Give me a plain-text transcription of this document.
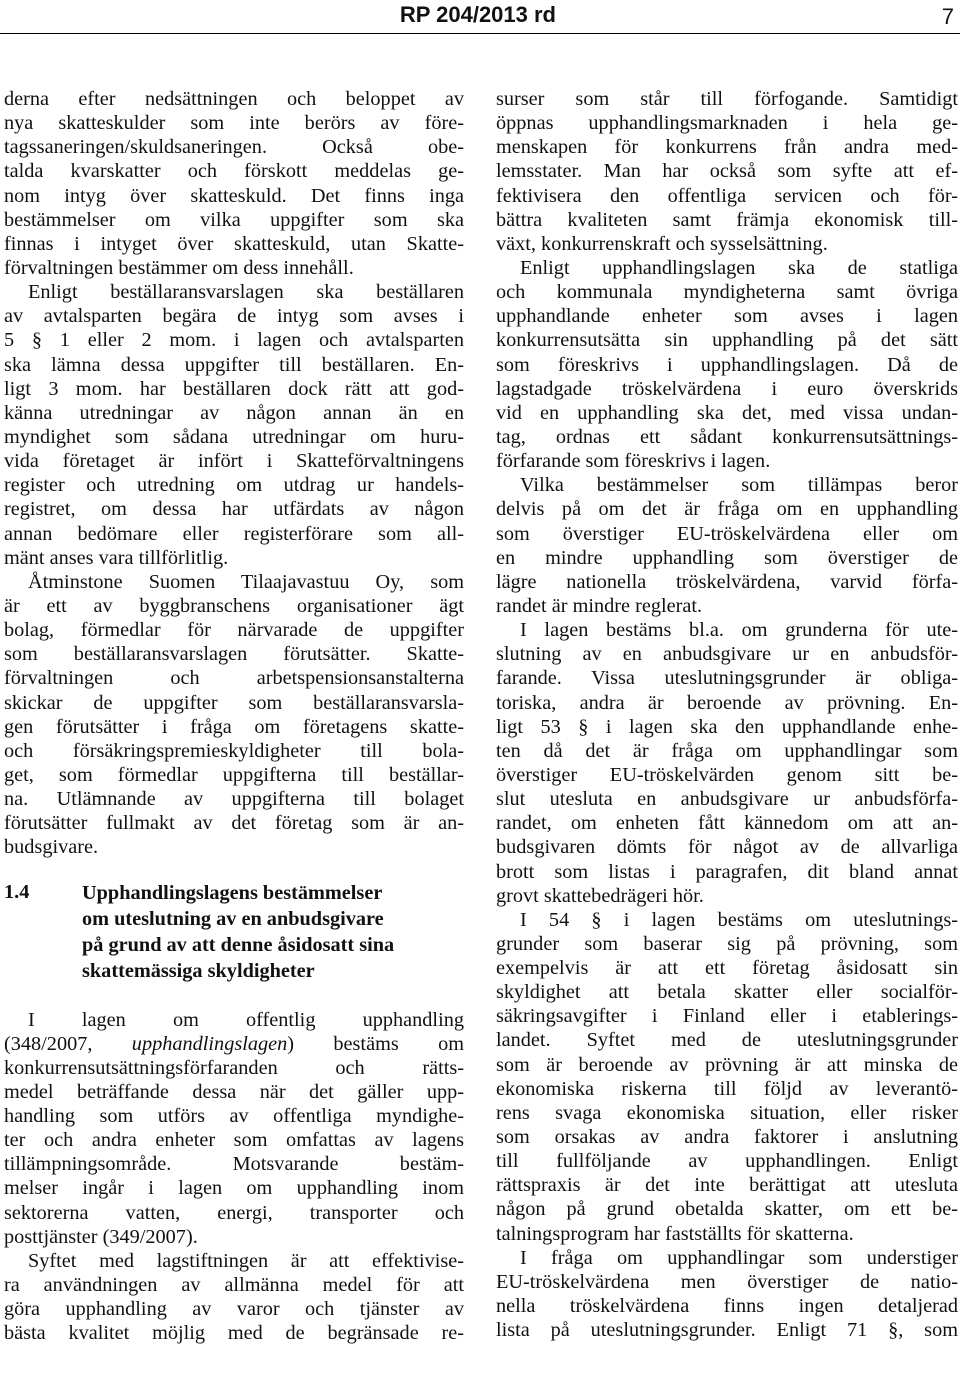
RP 204/2013 rd	7
derna efter nedsättningen och beloppet av
nya skatteskulder som inte berörs av före-
tagssaneringen/skuldsaneringen. Också obe-
talda kvarskatter och förskott meddelas ge-
nom intyg över skatteskuld. Det finns inga
bestämmelser om vilka uppgifter som ska
finnas i intyget över skatteskuld, utan Skatte-
förvaltningen bestämmer om dess innehåll.
Enligt beställaransvarslagen ska beställaren
av avtalsparten begära de intyg som avses i
5 § 1 eller 2 mom. i lagen och avtalsparten
ska lämna dessa uppgifter till beställaren. En-
ligt 3 mom. har beställaren dock rätt att god-
känna utredningar av någon annan än en
myndighet som sådana utredningar om huru-
vida företaget är infört i Skatteförvaltningens
register och utredning om utdrag ur handels-
registret, om dessa har utfärdats av någon
annan bedömare eller registerförare som all-
mänt anses vara tillförlitlig.
Åtminstone Suomen Tilaajavastuu Oy, som
är ett av byggbranschens organisationer ägt
bolag, förmedlar för närvarade de uppgifter
som beställaransvarslagen förutsätter. Skatte-
förvaltningen och arbetspensionsanstalterna
skickar de uppgifter som beställaransvarsla-
gen förutsätter i fråga om företagens skatte-
och försäkringspremieskyldigheter till bola-
get, som förmedlar uppgifterna till beställar-
na. Utlämnande av uppgifterna till bolaget
förutsätter fullmakt av det företag som är an-
budsgivare.
1.4	Upphandlingslagens bestämmelser
om uteslutning av en anbudsgivare
på grund av att denne åsidosatt sina
skattemässiga skyldigheter
I lagen om offentlig upphandling
(348/2007, upphandlingslagen) bestäms om
konkurrensutsättningsförfaranden och rätts-
medel beträffande dessa när det gäller upp-
handling som utförs av offentliga myndighe-
ter och andra enheter som omfattas av lagens
tillämpningsområde. Motsvarande bestäm-
melser ingår i lagen om upphandling inom
sektorerna vatten, energi, transporter och
posttjänster (349/2007).
Syftet med lagstiftningen är att effektivise-
ra användningen av allmänna medel för att
göra upphandling av varor och tjänster av
bästa kvalitet möjlig med de begränsade re-
surser som står till förfogande. Samtidigt
öppnas upphandlingsmarknaden i hela ge-
menskapen för konkurrens från andra med-
lemsstater. Man har också som syfte att ef-
fektivisera den offentliga servicen och för-
bättra kvaliteten samt främja ekonomisk till-
växt, konkurrenskraft och sysselsättning.
Enligt upphandlingslagen ska de statliga
och kommunala myndigheterna samt övriga
upphandlande enheter som avses i lagen
konkurrensutsätta sin upphandling på det sätt
som föreskrivs i upphandlingslagen. Då de
lagstadgade tröskelvärdena i euro överskrids
vid en upphandling ska det, med vissa undan-
tag, ordnas ett sådant konkurrensutsättnings-
förfarande som föreskrivs i lagen.
Vilka bestämmelser som tillämpas beror
delvis på om det är fråga om en upphandling
som överstiger EU-tröskelvärdena eller om
en mindre upphandling som överstiger de
lägre nationella tröskelvärdena, varvid förfa-
randet är mindre reglerat.
I lagen bestäms bl.a. om grunderna för ute-
slutning av en anbudsgivare ur en anbudsför-
farande. Vissa uteslutningsgrunder är obliga-
toriska, andra är beroende av prövning. En-
ligt 53 § i lagen ska den upphandlande enhe-
ten då det är fråga om upphandlingar som
överstiger EU-tröskelvärden genom sitt be-
slut utesluta en anbudsgivare ur anbudsförfa-
randet, om enheten fått kännedom om att an-
budsgivaren dömts för något av de allvarliga
brott som listas i paragrafen, dit bland annat
grovt skattebedrägeri hör.
I 54 § i lagen bestäms om uteslutnings-
grunder som baserar sig på prövning, som
exempelvis är att ett företag åsidosatt sin
skyldighet att betala skatter eller socialför-
säkringsavgifter i Finland eller i etablerings-
landet. Syftet med de uteslutningsgrunder
som är beroende av prövning är att minska de
ekonomiska riskerna till följd av leverantö-
rens svaga ekonomiska situation, eller risker
som orsakas av andra faktorer i anslutning
till fullföljande av upphandlingen. Enligt
rättspraxis är det inte berättigat att utesluta
någon på grund obetalda skatter, om ett be-
talningsprogram har fastställts för skatterna.
I fråga om upphandlingar som understiger
EU-tröskelvärdena men överstiger de natio-
nella tröskelvärdena finns ingen detaljerad
lista på uteslutningsgrunder. Enligt 71 §, som
